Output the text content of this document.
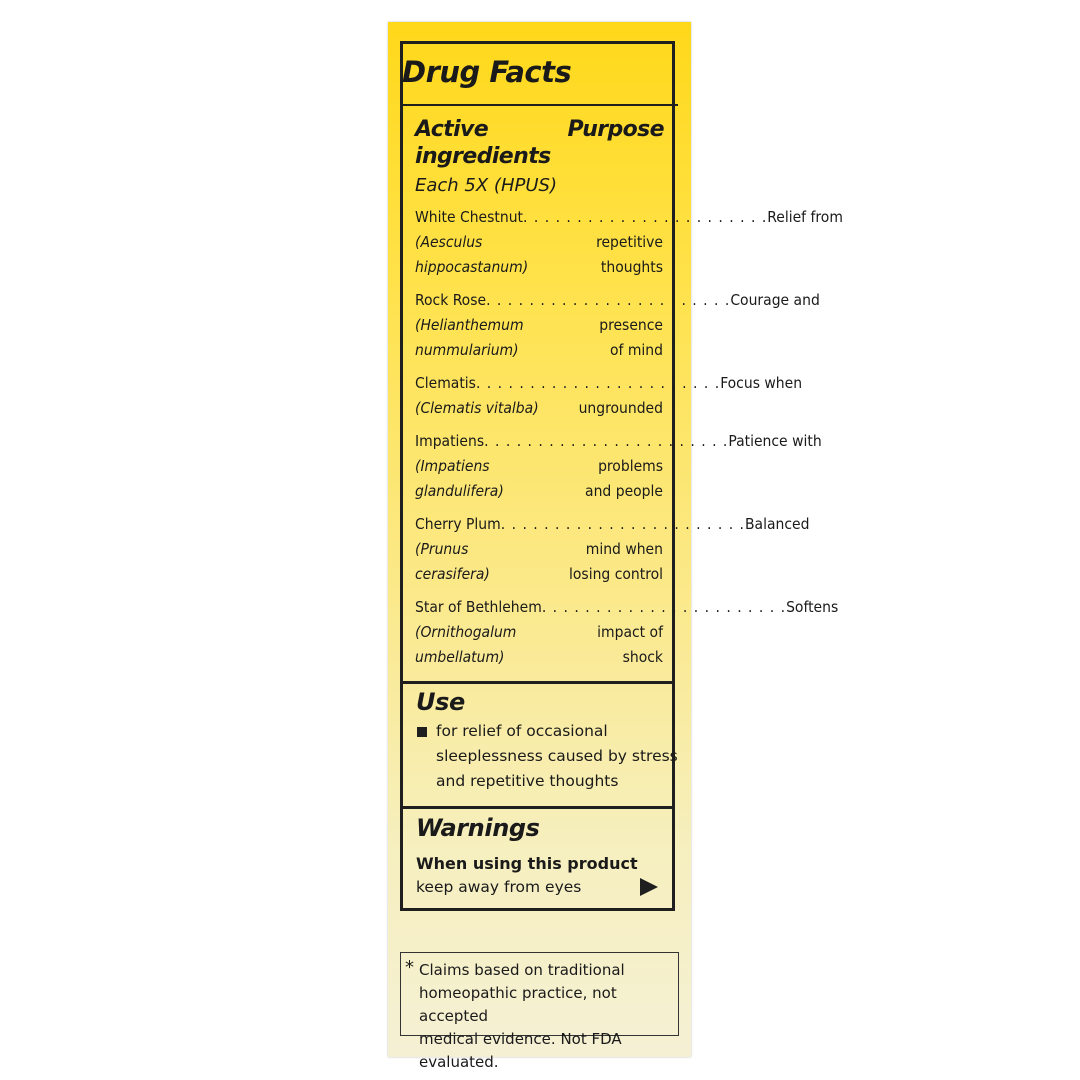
Drug Facts
Active
ingredients
Purpose
Each 5X (HPUS)
White Chestnut . . . . . . . . . . . . . . . . . . . . . . . Relief from
(Aesculus	repetitive
hippocastanum)	thoughts
Rock Rose . . . . . . . . . . . . . . . . . . . . . . . Courage and
(Helianthemum	presence
nummularium)	of mind
Clematis . . . . . . . . . . . . . . . . . . . . . . . Focus when
(Clematis vitalba)	ungrounded
Impatiens . . . . . . . . . . . . . . . . . . . . . . . Patience with
(Impatiens	problems
glandulifera)	and people
Cherry Plum . . . . . . . . . . . . . . . . . . . . . . . Balanced
(Prunus	mind when
cerasifera)	losing control
Star of Bethlehem . . . . . . . . . . . . . . . . . . . . . . . Softens
(Ornithogalum	impact of
umbellatum)	shock
Use
for relief of occasional
sleeplessness caused by stress
and repetitive thoughts
Warnings
When using this product
keep away from eyes
* Claims based on traditional
homeopathic practice, not accepted
medical evidence. Not FDA evaluated.
